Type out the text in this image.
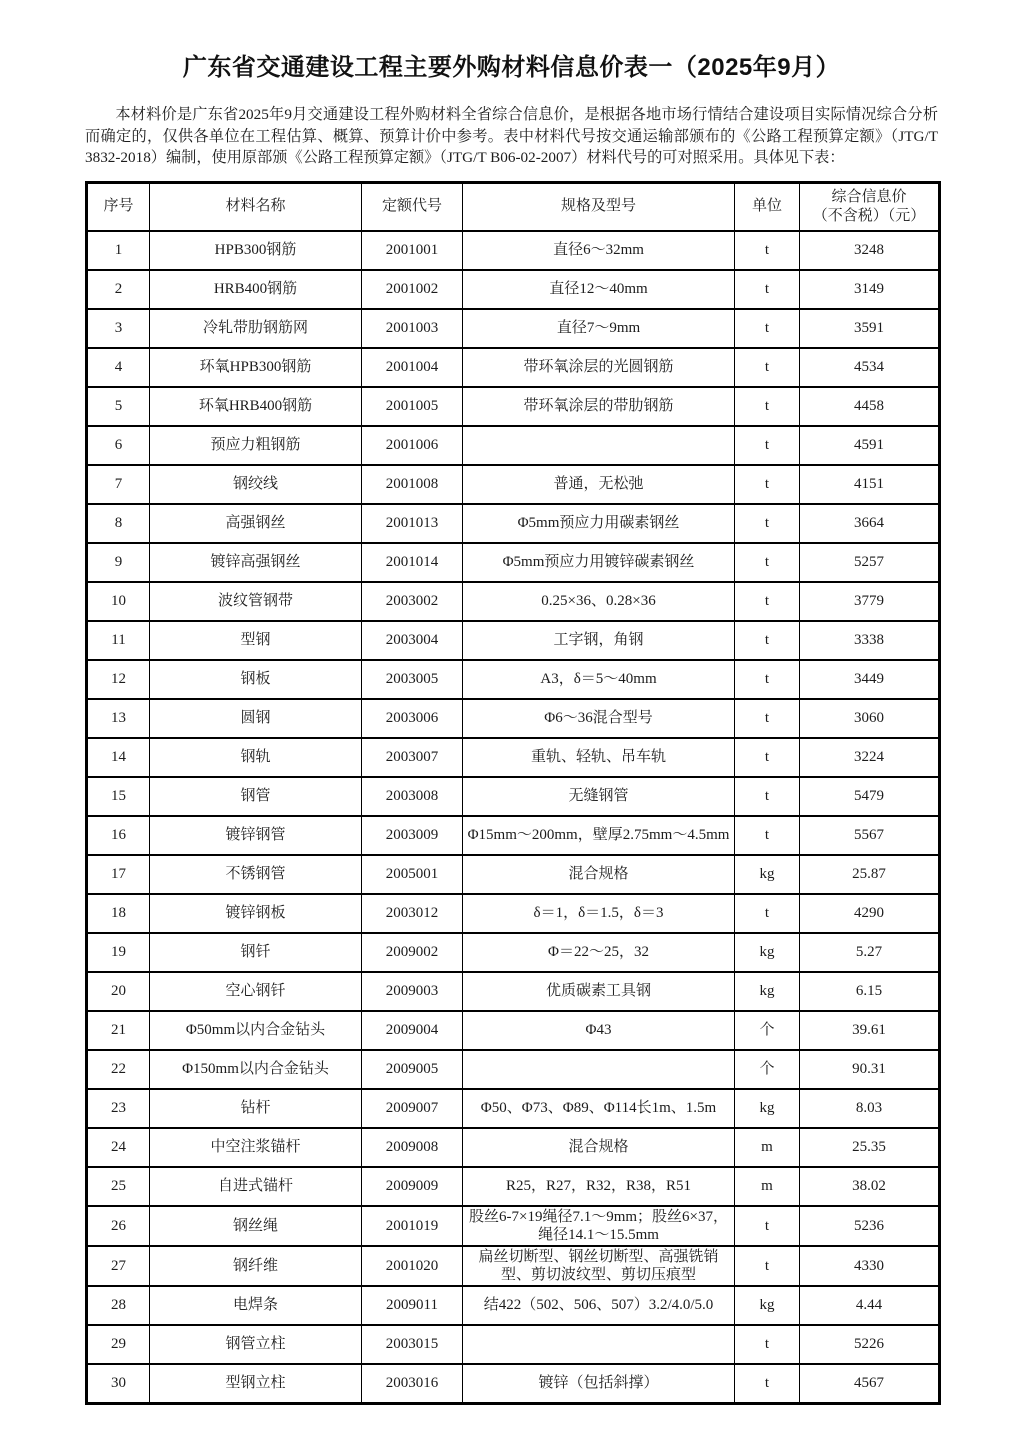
广东省交通建设工程主要外购材料信息价表一（2025年9月）

本材料价是广东省2025年9月交通建设工程外购材料全省综合信息价，是根据各地市场行情结合建设项目实际情况综合分析而确定的，仅供各单位在工程估算、概算、预算计价中参考。表中材料代号按交通运输部颁布的《公路工程预算定额》（JTG/T 3832-2018）编制，使用原部颁《公路工程预算定额》（JTG/T B06-02-2007）材料代号的可对照采用。具体见下表：

序号	材料名称	定额代号	规格及型号	单位	综合信息价
（不含税）（元）

1	HPB300钢筋	2001001	直径6～32mm	t	3248
2	HRB400钢筋	2001002	直径12～40mm	t	3149
3	冷轧带肋钢筋网	2001003	直径7～9mm	t	3591
4	环氧HPB300钢筋	2001004	带环氧涂层的光圆钢筋	t	4534
5	环氧HRB400钢筋	2001005	带环氧涂层的带肋钢筋	t	4458
6	预应力粗钢筋	2001006		t	4591
7	钢绞线	2001008	普通，无松弛	t	4151
8	高强钢丝	2001013	Φ5mm预应力用碳素钢丝	t	3664
9	镀锌高强钢丝	2001014	Φ5mm预应力用镀锌碳素钢丝	t	5257
10	波纹管钢带	2003002	0.25×36、0.28×36	t	3779
11	型钢	2003004	工字钢，角钢	t	3338
12	钢板	2003005	A3，δ＝5～40mm	t	3449
13	圆钢	2003006	Φ6～36混合型号	t	3060
14	钢轨	2003007	重轨、轻轨、吊车轨	t	3224
15	钢管	2003008	无缝钢管	t	5479
16	镀锌钢管	2003009	Φ15mm～200mm，壁厚2.75mm～4.5mm	t	5567
17	不锈钢管	2005001	混合规格	kg	25.87
18	镀锌钢板	2003012	δ＝1，δ＝1.5，δ＝3	t	4290
19	钢钎	2009002	Φ＝22～25，32	kg	5.27
20	空心钢钎	2009003	优质碳素工具钢	kg	6.15
21	Φ50mm以内合金钻头	2009004	Φ43	个	39.61
22	Φ150mm以内合金钻头	2009005		个	90.31
23	钻杆	2009007	Φ50、Φ73、Φ89、Φ114长1m、1.5m	kg	8.03
24	中空注浆锚杆	2009008	混合规格	m	25.35
25	自进式锚杆	2009009	R25，R27，R32，R38，R51	m	38.02
26	钢丝绳	2001019	股丝6-7×19绳径7.1～9mm；股丝6×37，绳径14.1～15.5mm	t	5236
27	钢纤维	2001020	扁丝切断型、钢丝切断型、高强铣销型、剪切波纹型、剪切压痕型	t	4330
28	电焊条	2009011	结422（502、506、507）3.2/4.0/5.0	kg	4.44
29	钢管立柱	2003015		t	5226
30	型钢立柱	2003016	镀锌（包括斜撑）	t	4567
